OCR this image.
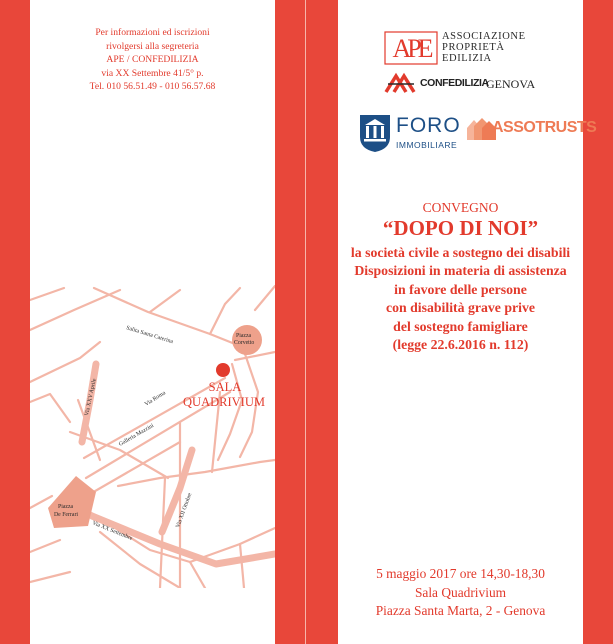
Per informazioni ed iscrizioni
rivolgersi alla segreteria
APE / CONFEDILIZIA
via XX Settembre 41/5° p.
Tel. 010 56.51.49 - 010 56.57.68
Salita Santa Caterina
Via XXV Aprile	Via Roma
Galleria Mazzini
Via XII Ottobre
Via XX Settembre
Piazza
Corvetto
Piazza
De Ferrari
SALA
QUADRIVIUM
APE ASSOCIAZIONE
PROPRIETÀ
EDILIZIA
CONFEDILIZIA
GENOVA
FORO
IMMOBILIARE
ASSOTRUSTS
CONVEGNO
“DOPO DI NOI”
la società civile a sostegno dei disabili
Disposizioni in materia di assistenza
in favore delle persone
con disabilità grave prive
del sostegno famigliare
(legge 22.6.2016 n. 112)
5 maggio 2017 ore 14,30-18,30
Sala Quadrivium
Piazza Santa Marta, 2 - Genova
